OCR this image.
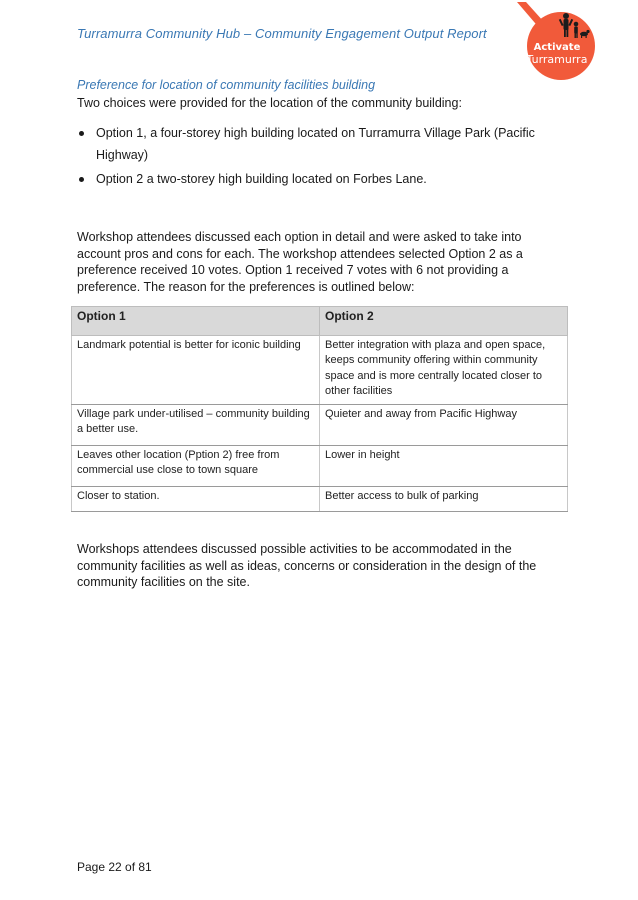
Turramurra Community Hub – Community Engagement Output Report
Activate
Turramurra
Preference for location of community facilities building
Two choices were provided for the location of the community building:
Option 1, a four-storey high building located on Turramurra Village Park (Pacific Highway)
Option 2 a two-storey high building located on Forbes Lane.
Workshop attendees discussed each option in detail and were asked to take into account pros and cons for each. The workshop attendees selected Option 2 as a preference received 10 votes. Option 1 received 7 votes with 6 not providing a preference. The reason for the preferences is outlined below:
Option 1	Option 2
Landmark potential is better for iconic building	Better integration with plaza and open space, keeps community offering within community space and is more centrally located closer to other facilities
Village park under-utilised – community building a better use.	Quieter and away from Pacific Highway
Leaves other location (Pption 2) free from commercial use close to town square	Lower in height
Closer to station.	Better access to bulk of parking
Workshops attendees discussed possible activities to be accommodated in the community facilities as well as ideas, concerns or consideration in the design of the community facilities on the site.
Page 22 of 81
